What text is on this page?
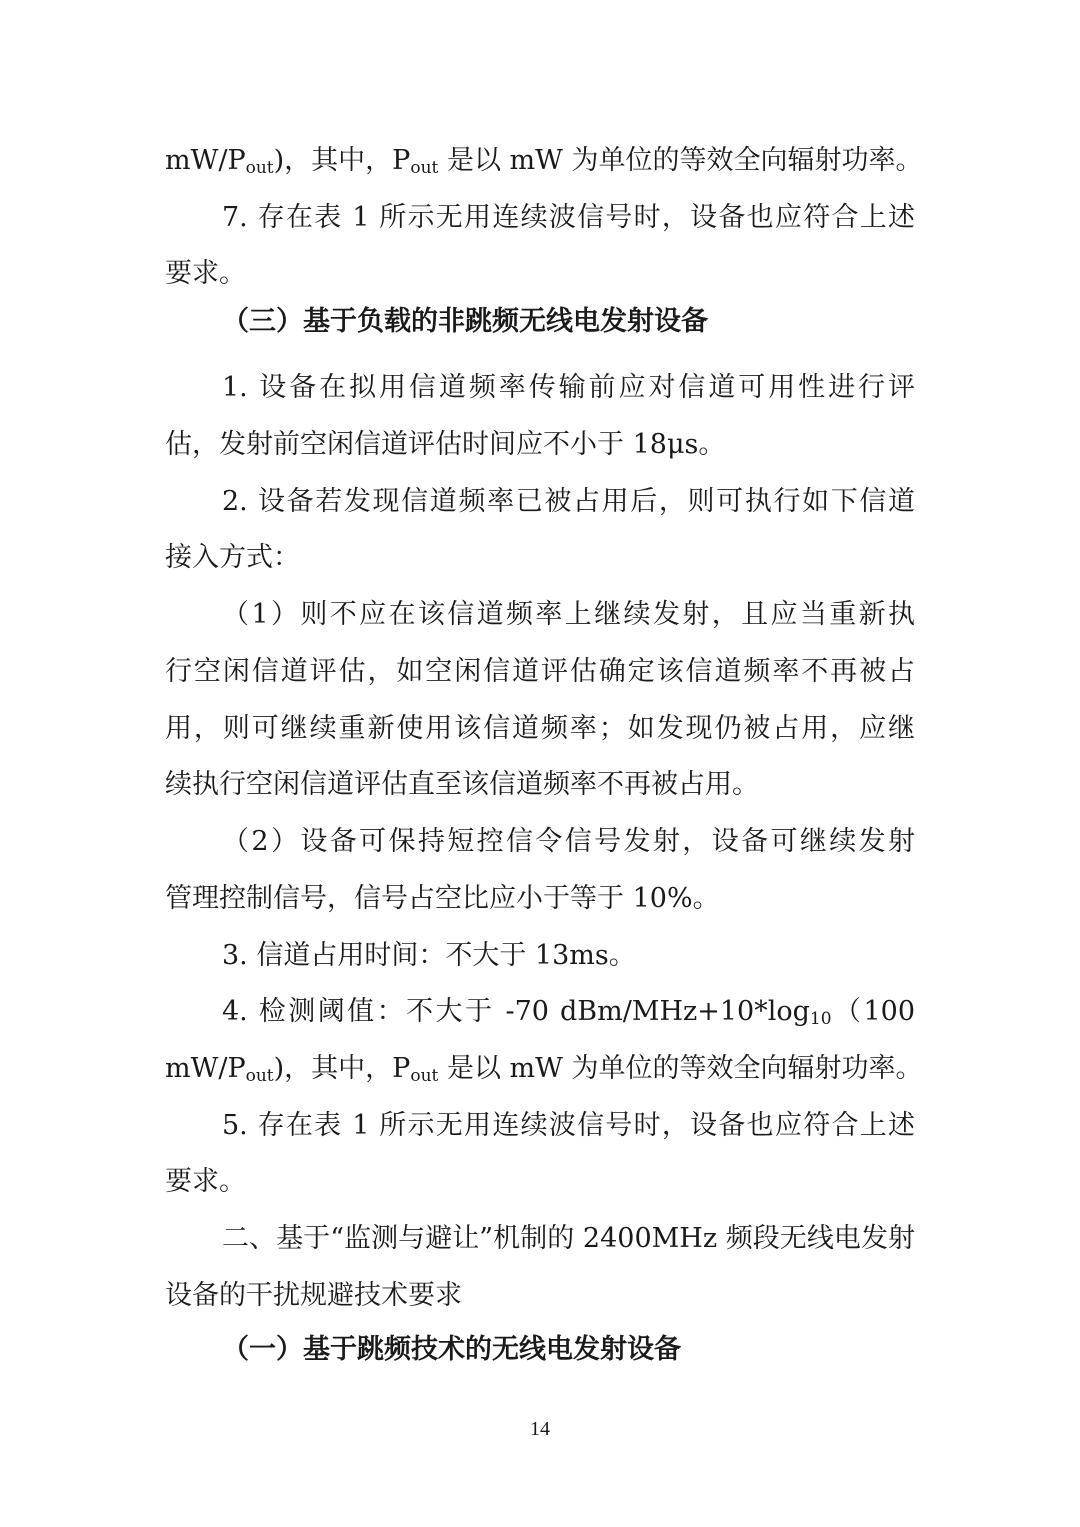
$mW/P_{out}$)，其中，$P_{out}$ 是以 mW 为单位的等效全向辐射功率。
7. 存在表 1 所示无用连续波信号时，设备也应符合上述
要求。
（三）基于负载的非跳频无线电发射设备
1. 设备在拟用信道频率传输前应对信道可用性进行评
估，发射前空闲信道评估时间应不小于 18μs。
2. 设备若发现信道频率已被占用后，则可执行如下信道
接入方式：
（1）则不应在该信道频率上继续发射，且应当重新执
行空闲信道评估，如空闲信道评估确定该信道频率不再被占
用，则可继续重新使用该信道频率；如发现仍被占用，应继
续执行空闲信道评估直至该信道频率不再被占用。
（2）设备可保持短控信令信号发射，设备可继续发射
管理控制信号，信号占空比应小于等于 10%。
3. 信道占用时间：不大于 13ms。
4. 检测阈值：不大于 -70 dBm/$MHz+10*\log_{10}(100$
$mW/P_{out}$)，其中，$P_{out}$ 是以 mW 为单位的等效全向辐射功率。
5. 存在表 1 所示无用连续波信号时，设备也应符合上述
要求。
二、基于“监测与避让”机制的 2400MHz 频段无线电发射
设备的干扰规避技术要求
（一）基于跳频技术的无线电发射设备
14
